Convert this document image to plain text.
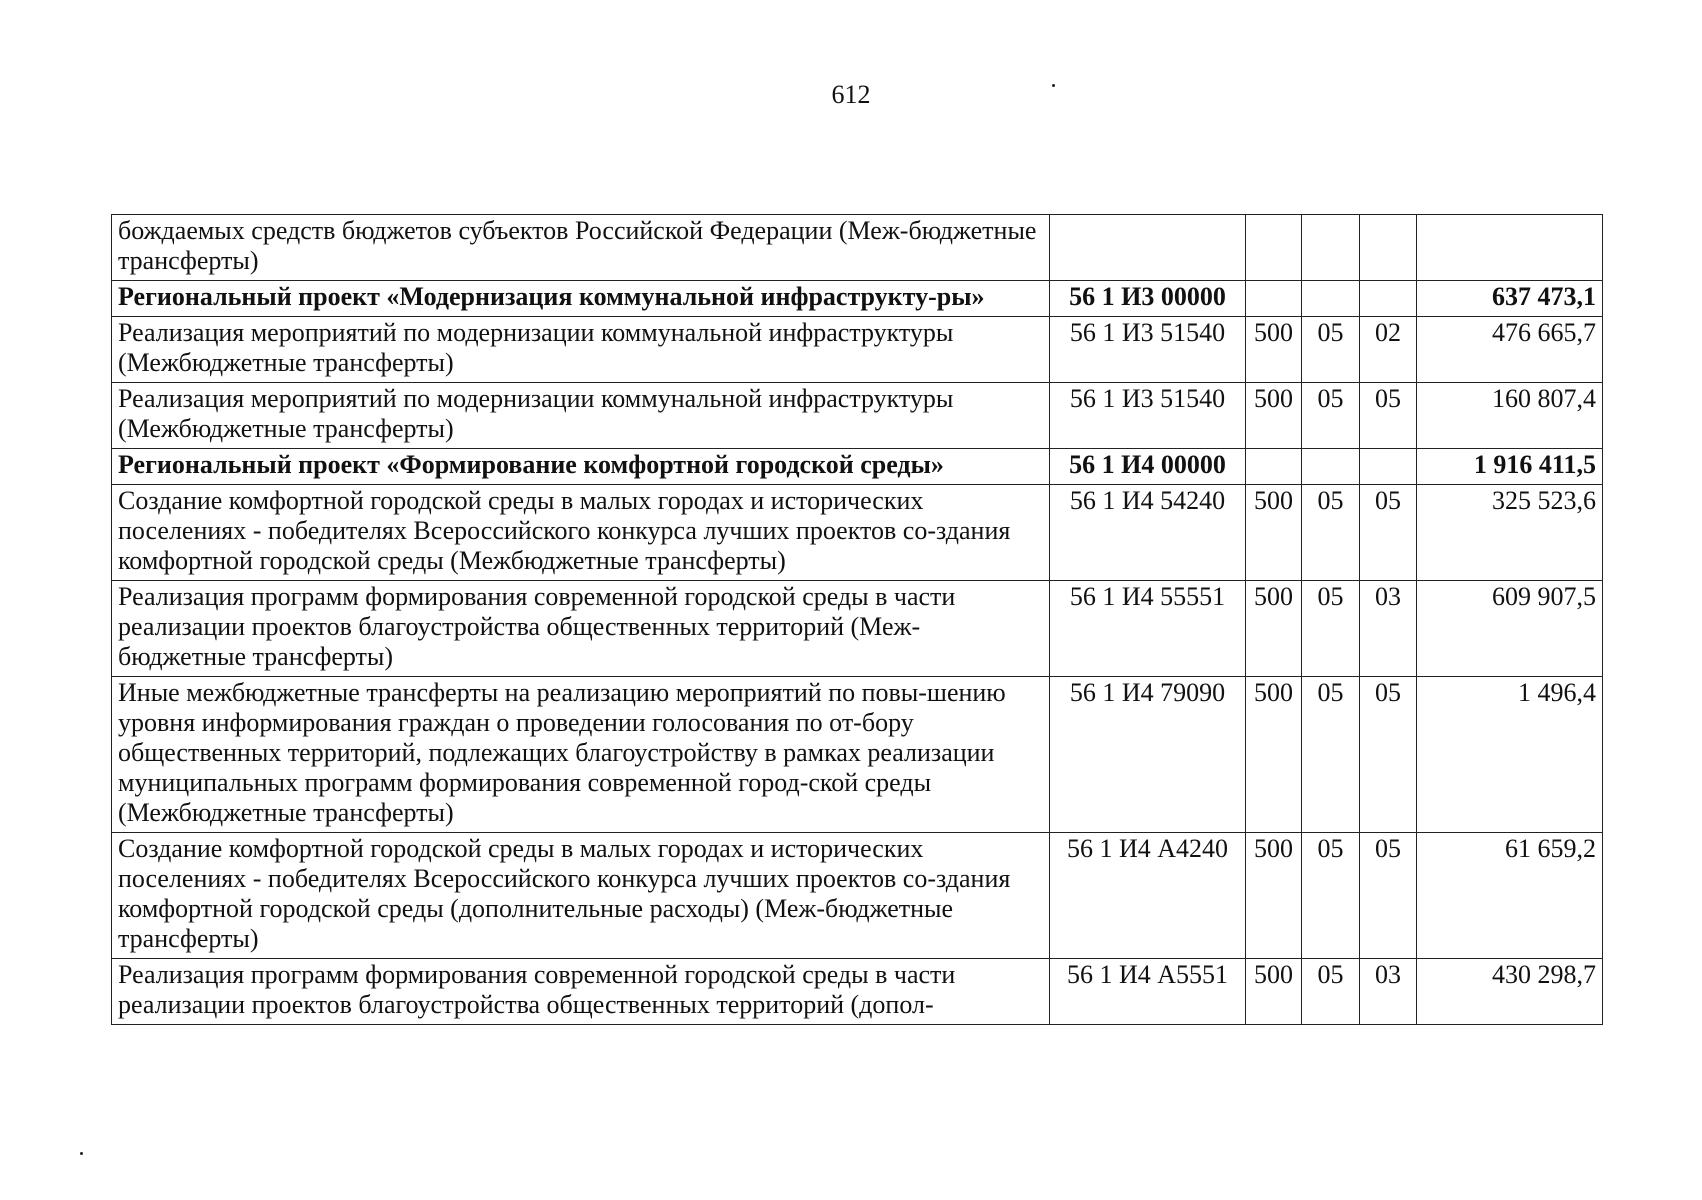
612
бождаемых средств бюджетов субъектов Российской Федерации (Меж-бюджетные трансферты)					
Региональный проект «Модернизация коммунальной инфраструкту-ры»	56 1 И3 00000				637 473,1
Реализация мероприятий по модернизации коммунальной инфраструктуры (Межбюджетные трансферты)	56 1 И3 51540	500	05	02	476 665,7
Реализация мероприятий по модернизации коммунальной инфраструктуры (Межбюджетные трансферты)	56 1 И3 51540	500	05	05	160 807,4
Региональный проект «Формирование комфортной городской среды»	56 1 И4 00000				1 916 411,5
Создание комфортной городской среды в малых городах и исторических поселениях - победителях Всероссийского конкурса лучших проектов со-здания комфортной городской среды (Межбюджетные трансферты)	56 1 И4 54240	500	05	05	325 523,6
Реализация программ формирования современной городской среды в части реализации проектов благоустройства общественных территорий (Меж-бюджетные трансферты)	56 1 И4 55551	500	05	03	609 907,5
Иные межбюджетные трансферты на реализацию мероприятий по повы-шению уровня информирования граждан о проведении голосования по от-бору общественных территорий, подлежащих благоустройству в рамках реализации муниципальных программ формирования современной город-ской среды (Межбюджетные трансферты)	56 1 И4 79090	500	05	05	1 496,4
Создание комфортной городской среды в малых городах и исторических поселениях - победителях Всероссийского конкурса лучших проектов со-здания комфортной городской среды (дополнительные расходы) (Меж-бюджетные трансферты)	56 1 И4 А4240	500	05	05	61 659,2
Реализация программ формирования современной городской среды в части реализации проектов благоустройства общественных территорий (допол-	56 1 И4 А5551	500	05	03	430 298,7
